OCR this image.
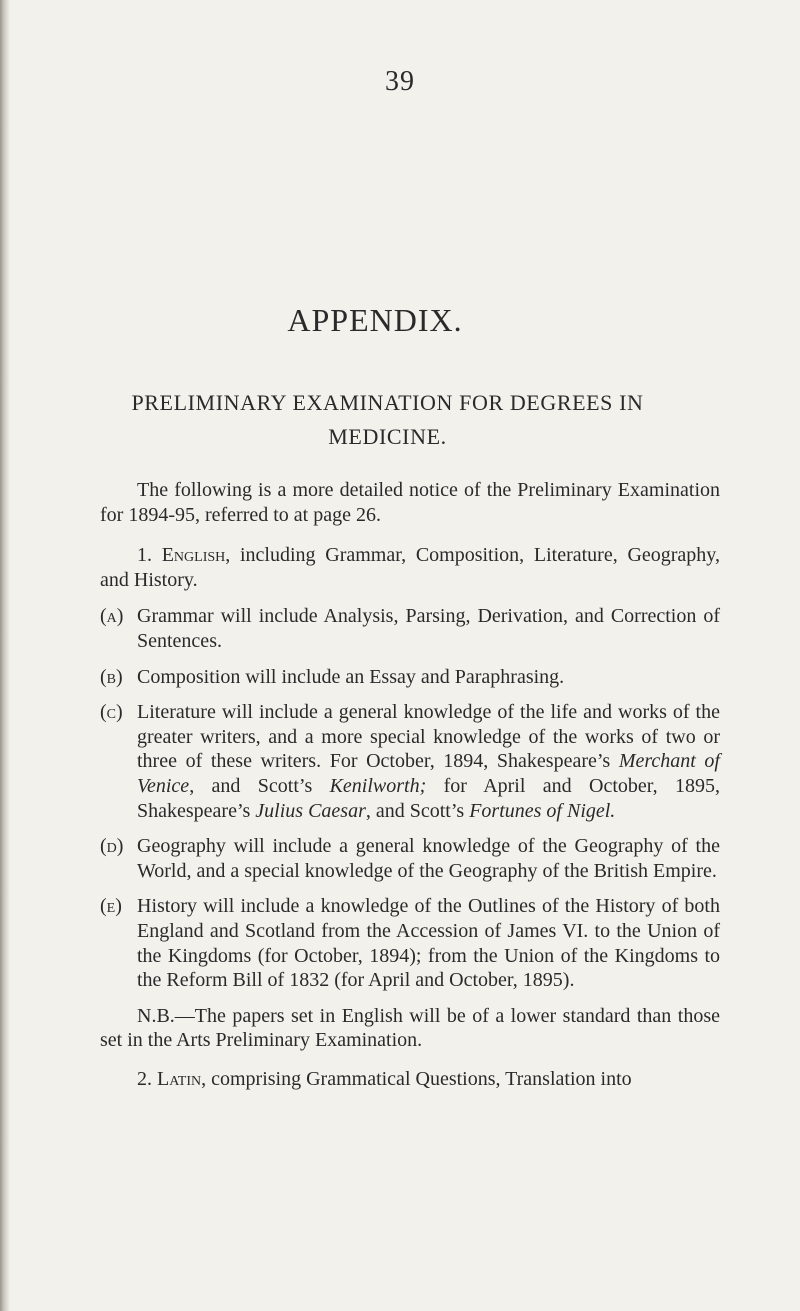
39
APPENDIX.
PRELIMINARY EXAMINATION FOR DEGREES IN
MEDICINE.

The following is a more detailed notice of the Preliminary Examination for 1894-95, referred to at page 26.

1. English, including Grammar, Composition, Literature, Geography, and History.

(a) Grammar will include Analysis, Parsing, Derivation, and Correction of Sentences.

(b) Composition will include an Essay and Paraphrasing.

(c) Literature will include a general knowledge of the life and works of the greater writers, and a more special knowledge of the works of two or three of these writers. For October, 1894, Shakespeare’s Merchant of Venice, and Scott’s Kenilworth; for April and October, 1895, Shakespeare’s Julius Caesar, and Scott’s Fortunes of Nigel.

(d) Geography will include a general knowledge of the Geography of the World, and a special knowledge of the Geography of the British Empire.

(e) History will include a knowledge of the Outlines of the History of both England and Scotland from the Accession of James VI. to the Union of the Kingdoms (for October, 1894); from the Union of the Kingdoms to the Reform Bill of 1832 (for April and October, 1895).

N.B.—The papers set in English will be of a lower standard than those set in the Arts Preliminary Examination.

2. Latin, comprising Grammatical Questions, Translation into
